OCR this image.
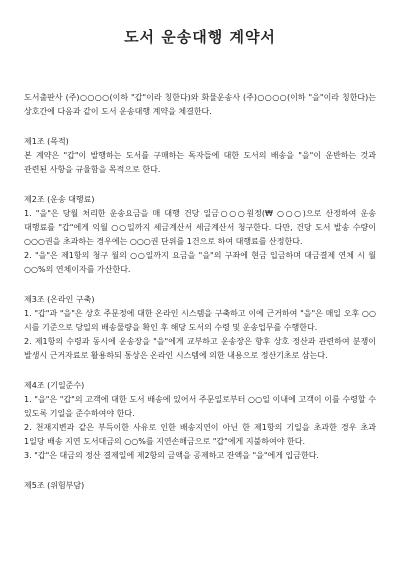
도서 운송대행 계약서

도서출판사 (주)○○○○(이하 "갑"이라 칭한다)와 화물운송사 (주)○○○○(이하 "을"이라 칭한다)는 상호간에 다음과 같이 도서 운송대행 계약을 체결한다.

제1조 (목적)

본 계약은 "갑"이 발행하는 도서를 구매하는 독자들에 대한 도서의 배송을 "을"이 운반하는 것과 관련된 사항을 규율함을 목적으로 한다.

제2조 (운송 대행료)

1. "을"은 당월 처리한 운송요금을 매 대행 건당 일금○○○원정(₩ ○○○)으로 산정하여 운송 대행료를 "갑"에게 익월 ○○일까지 세금계산서 세금계산서 청구한다. 다만, 건당 도서 발송 수량이 ○○○권을 초과하는 경우에는 ○○○권 단위를 1건으로 하여 대행료를 산정한다.

2. "을"은 제1항의 청구 월의 ○○일까지 요금을 "을"의 구좌에 현금 입금하며 대금결제 연체 시 월 ○○%의 연체이자를 가산한다.

제3조 (온라인 구축)

1. "갑"과 "을"은 상호 주문정에 대한 온라인 시스템을 구축하고 이에 근거하여 "을"은 매일 오후 ○○시를 기준으로 당일의 배송물량을 확인 후 해당 도서의 수령 및 운송업무를 수행한다.

2. 제1항의 수령과 동시에 운송장을 "을"에게 교부하고 운송장은 향후 상호 정산과 관련하여 분쟁이 발생시 근거자료로 활용하되 통상은 온라인 시스템에 의한 내용으로 정산기초로 삼는다.

제4조 (기일준수)

1. "을"은 "갑"의 고객에 대한 도서 배송에 있어서 주문일로부터 ○○일 이내에 고객이 이를 수령할 수 있도록 기일을 준수하여야 한다.

2. 천재지변과 같은 부득이한 사유로 인한 배송지연이 아닌 한 제1항의 기일을 초과한 경우 초과 1일당 배송 지연 도서대금의 ○○%를 지연손해금으로 "갑"에게 지불하여야 한다.

3. "갑"은 대금의 정산 결제일에 제2항의 금액을 공제하고 잔액을 "을"에게 입금한다.

제5조 (위험부담)
